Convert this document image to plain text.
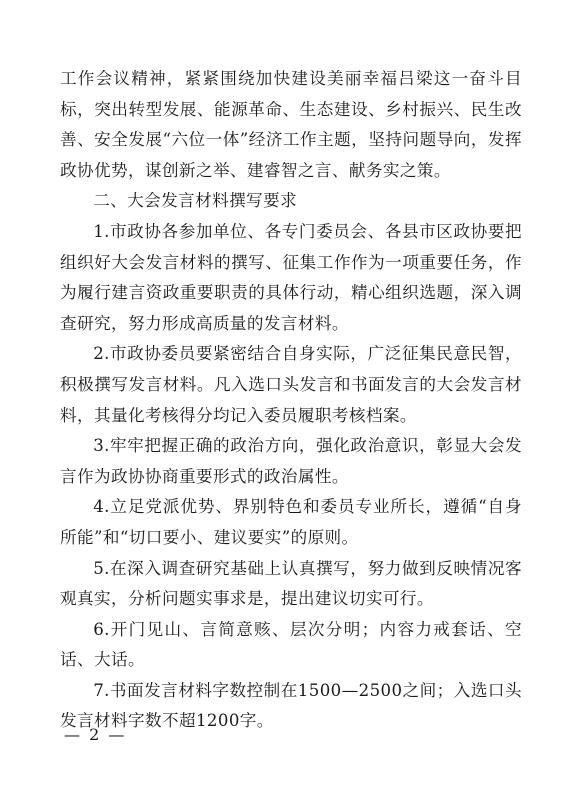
工作会议精神，紧紧围绕加快建设美丽幸福吕梁这一奋斗目标，突出转型发展、能源革命、生态建设、乡村振兴、民生改善、安全发展“六位一体”经济工作主题，坚持问题导向，发挥政协优势，谋创新之举、建睿智之言、献务实之策。

二、大会发言材料撰写要求

1.市政协各参加单位、各专门委员会、各县市区政协要把组织好大会发言材料的撰写、征集工作作为一项重要任务，作为履行建言资政重要职责的具体行动，精心组织选题，深入调查研究，努力形成高质量的发言材料。

2.市政协委员要紧密结合自身实际，广泛征集民意民智，积极撰写发言材料。凡入选口头发言和书面发言的大会发言材料，其量化考核得分均记入委员履职考核档案。

3.牢牢把握正确的政治方向，强化政治意识，彰显大会发言作为政协协商重要形式的政治属性。

4.立足党派优势、界别特色和委员专业所长，遵循“自身所能”和“切口要小、建议要实”的原则。

5.在深入调查研究基础上认真撰写，努力做到反映情况客观真实，分析问题实事求是，提出建议切实可行。

6.开门见山、言简意赅、层次分明；内容力戒套话、空话、大话。

7.书面发言材料字数控制在1500—2500之间；入选口头发言材料字数不超1200字。

— 2 —
